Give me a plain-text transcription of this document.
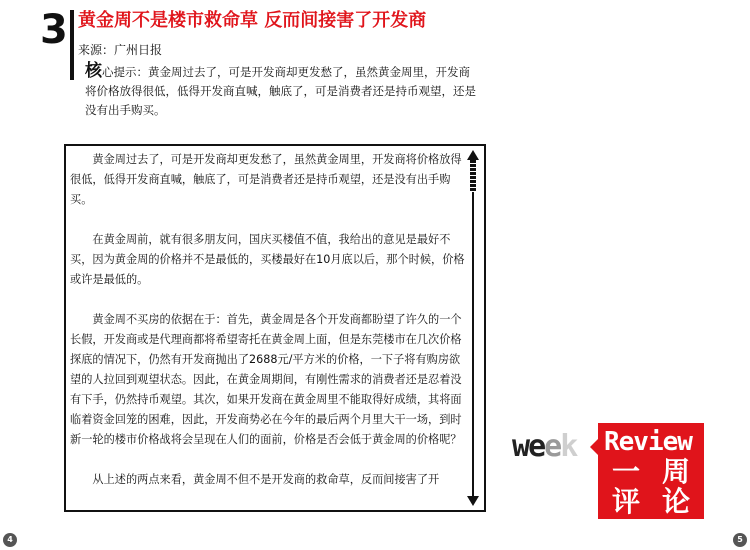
3 黄金周不是楼市救命草 反而间接害了开发商
来源：广州日报
核心提示：黄金周过去了，可是开发商却更发愁了，虽然黄金周里，开发商将价格放得很低，低得开发商直喊，触底了，可是消费者还是持币观望，还是没有出手购买。

黄金周过去了，可是开发商却更发愁了，虽然黄金周里，开发商将价格放得很低，低得开发商直喊，触底了，可是消费者还是持币观望，还是没有出手购买。

在黄金周前，就有很多朋友问，国庆买楼值不值，我给出的意见是最好不买，因为黄金周的价格并不是最低的，买楼最好在10月底以后，那个时候，价格或许是最低的。

黄金周不买房的依据在于：首先，黄金周是各个开发商都盼望了许久的一个长假，开发商或是代理商都将希望寄托在黄金周上面，但是东莞楼市在几次价格探底的情况下，仍然有开发商抛出了2688元/平方米的价格，一下子将有购房欲望的人拉回到观望状态。因此，在黄金周期间，有刚性需求的消费者还是忍着没有下手，仍然持币观望。其次，如果开发商在黄金周里不能取得好成绩，其将面临着资金回笼的困难，因此，开发商势必在今年的最后两个月里大干一场，到时新一轮的楼市价格战将会呈现在人们的面前，价格是否会低于黄金周的价格呢？

从上述的两点来看，黄金周不但不是开发商的救命草，反而间接害了开

week Review
一周
评论
4	5
